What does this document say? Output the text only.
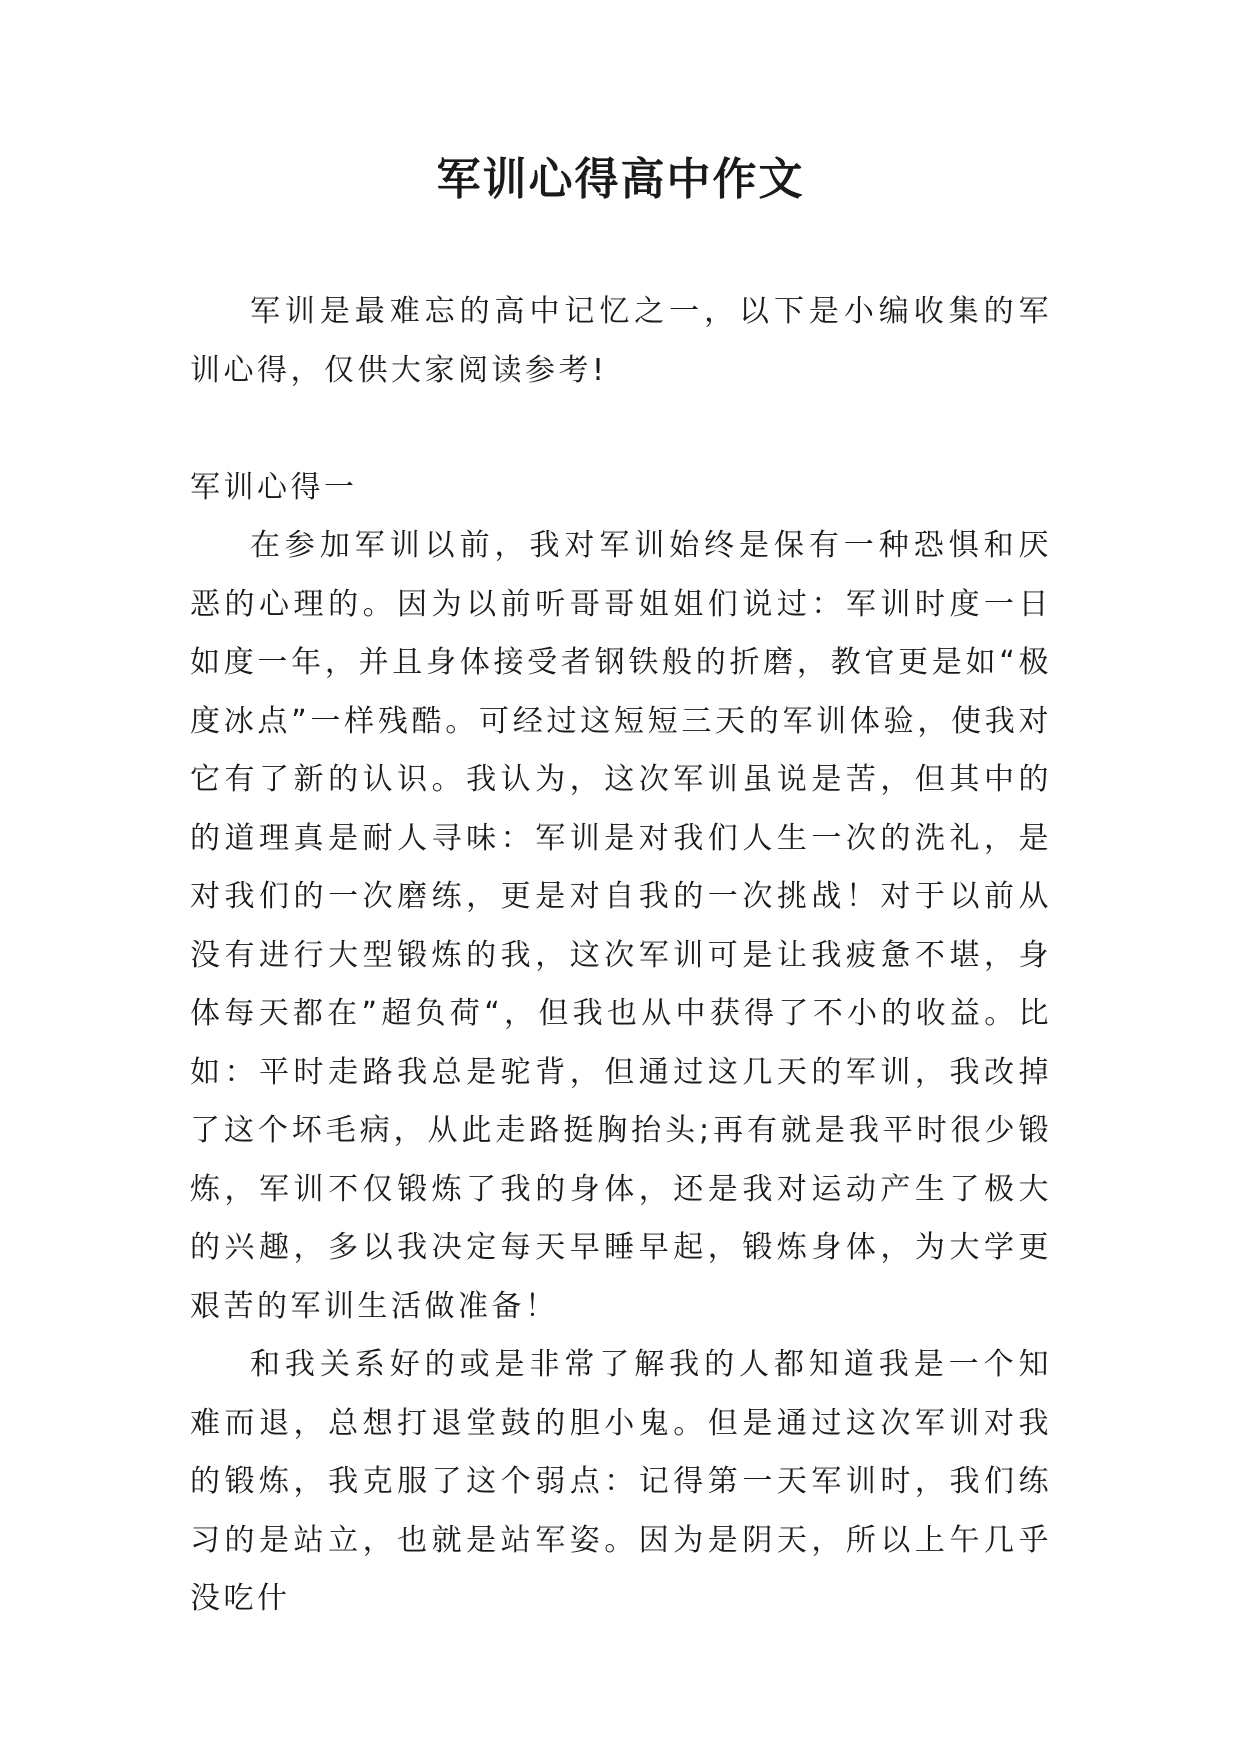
军训心得高中作文

军训是最难忘的高中记忆之一，以下是小编收集的军训心得，仅供大家阅读参考!

军训心得一

在参加军训以前，我对军训始终是保有一种恐惧和厌恶的心理的。因为以前听哥哥姐姐们说过：军训时度一日如度一年，并且身体接受者钢铁般的折磨，教官更是如“极度冰点”一样残酷。可经过这短短三天的军训体验，使我对它有了新的认识。我认为，这次军训虽说是苦，但其中的的道理真是耐人寻味：军训是对我们人生一次的洗礼，是对我们的一次磨练，更是对自我的一次挑战！对于以前从没有进行大型锻炼的我，这次军训可是让我疲惫不堪，身体每天都在”超负荷“，但我也从中获得了不小的收益。比如：平时走路我总是驼背，但通过这几天的军训，我改掉了这个坏毛病，从此走路挺胸抬头;再有就是我平时很少锻炼，军训不仅锻炼了我的身体，还是我对运动产生了极大的兴趣，多以我决定每天早睡早起，锻炼身体，为大学更艰苦的军训生活做准备！

和我关系好的或是非常了解我的人都知道我是一个知难而退，总想打退堂鼓的胆小鬼。但是通过这次军训对我的锻炼，我克服了这个弱点：记得第一天军训时，我们练习的是站立，也就是站军姿。因为是阴天，所以上午几乎没吃什
